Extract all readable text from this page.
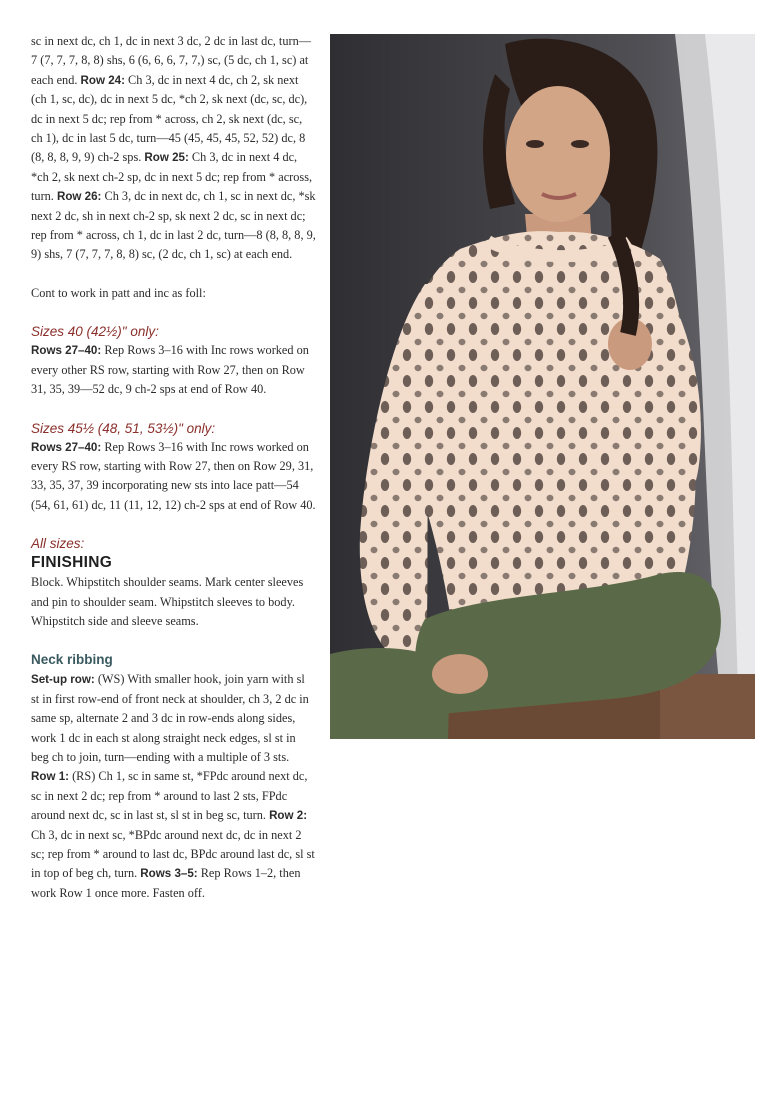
sc in next dc, ch 1, dc in next 3 dc, 2 dc in last dc, turn—7 (7, 7, 7, 8, 8) shs, 6 (6, 6, 6, 7, 7,) sc, (5 dc, ch 1, sc) at each end. Row 24: Ch 3, dc in next 4 dc, ch 2, sk next (ch 1, sc, dc), dc in next 5 dc, *ch 2, sk next (dc, sc, dc), dc in next 5 dc; rep from * across, ch 2, sk next (dc, sc, ch 1), dc in last 5 dc, turn—45 (45, 45, 45, 52, 52) dc, 8 (8, 8, 8, 9, 9) ch-2 sps. Row 25: Ch 3, dc in next 4 dc, *ch 2, sk next ch-2 sp, dc in next 5 dc; rep from * across, turn. Row 26: Ch 3, dc in next dc, ch 1, sc in next dc, *sk next 2 dc, sh in next ch-2 sp, sk next 2 dc, sc in next dc; rep from * across, ch 1, dc in last 2 dc, turn—8 (8, 8, 8, 9, 9) shs, 7 (7, 7, 7, 8, 8) sc, (2 dc, ch 1, sc) at each end.

Cont to work in patt and inc as foll:

Sizes 40 (42½)" only:

Rows 27–40: Rep Rows 3–16 with Inc rows worked on every other RS row, starting with Row 27, then on Row 31, 35, 39—52 dc, 9 ch-2 sps at end of Row 40.

Sizes 45½ (48, 51, 53½)" only:

Rows 27–40: Rep Rows 3–16 with Inc rows worked on every RS row, starting with Row 27, then on Row 29, 31, 33, 35, 37, 39 incorporating new sts into lace patt—54 (54, 61, 61) dc, 11 (11, 12, 12) ch-2 sps at end of Row 40.

All sizes:

FINISHING

Block. Whipstitch shoulder seams. Mark center sleeves and pin to shoulder seam. Whipstitch sleeves to body. Whipstitch side and sleeve seams.

Neck ribbing

Set-up row: (WS) With smaller hook, join yarn with sl st in first row-end of front neck at shoulder, ch 3, 2 dc in same sp, alternate 2 and 3 dc in row-ends along sides, work 1 dc in each st along straight neck edges, sl st in beg ch to join, turn—ending with a multiple of 3 sts. Row 1: (RS) Ch 1, sc in same st, *FPdc around next dc, sc in next 2 dc; rep from * around to last 2 sts, FPdc around next dc, sc in last st, sl st in beg sc, turn. Row 2: Ch 3, dc in next sc, *BPdc around next dc, dc in next 2 sc; rep from * around to last dc, BPdc around last dc, sl st in top of beg ch, turn. Rows 3–5: Rep Rows 1–2, then work Row 1 once more. Fasten off.
